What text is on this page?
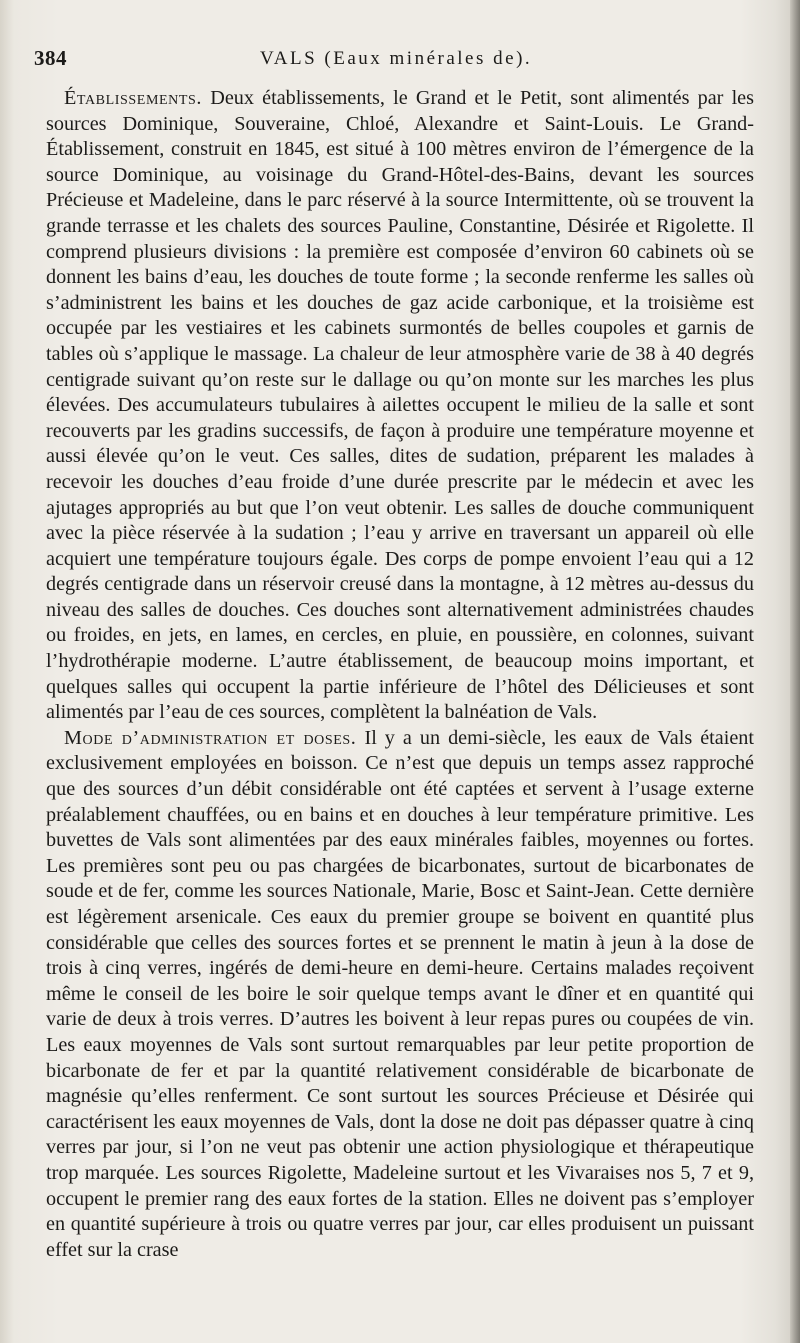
384	VALS (Eaux minérales de).

Établissements. Deux établissements, le Grand et le Petit, sont alimentés par les sources Dominique, Souveraine, Chloé, Alexandre et Saint-Louis. Le Grand-Établissement, construit en 1845, est situé à 100 mètres environ de l’émergence de la source Dominique, au voisinage du Grand-Hôtel-des-Bains, devant les sources Précieuse et Madeleine, dans le parc réservé à la source Intermittente, où se trouvent la grande terrasse et les chalets des sources Pauline, Constantine, Désirée et Rigolette. Il comprend plusieurs divisions : la première est composée d’environ 60 cabinets où se donnent les bains d’eau, les douches de toute forme ; la seconde renferme les salles où s’administrent les bains et les douches de gaz acide carbonique, et la troisième est occupée par les vestiaires et les cabinets surmontés de belles coupoles et garnis de tables où s’applique le massage. La chaleur de leur atmosphère varie de 38 à 40 degrés centigrade suivant qu’on reste sur le dallage ou qu’on monte sur les marches les plus élevées. Des accumulateurs tubulaires à ailettes occupent le milieu de la salle et sont recouverts par les gradins successifs, de façon à produire une température moyenne et aussi élevée qu’on le veut. Ces salles, dites de sudation, préparent les malades à recevoir les douches d’eau froide d’une durée prescrite par le médecin et avec les ajutages appropriés au but que l’on veut obtenir. Les salles de douche communiquent avec la pièce réservée à la sudation ; l’eau y arrive en traversant un appareil où elle acquiert une température toujours égale. Des corps de pompe envoient l’eau qui a 12 degrés centigrade dans un réservoir creusé dans la montagne, à 12 mètres au-dessus du niveau des salles de douches. Ces douches sont alternativement administrées chaudes ou froides, en jets, en lames, en cercles, en pluie, en poussière, en colonnes, suivant l’hydrothérapie moderne. L’autre établissement, de beaucoup moins important, et quelques salles qui occupent la partie inférieure de l’hôtel des Délicieuses et sont alimentés par l’eau de ces sources, complètent la balnéation de Vals.

Mode d’administration et doses. Il y a un demi-siècle, les eaux de Vals étaient exclusivement employées en boisson. Ce n’est que depuis un temps assez rapproché que des sources d’un débit considérable ont été captées et servent à l’usage externe préalablement chauffées, ou en bains et en douches à leur température primitive. Les buvettes de Vals sont alimentées par des eaux minérales faibles, moyennes ou fortes. Les premières sont peu ou pas chargées de bicarbonates, surtout de bicarbonates de soude et de fer, comme les sources Nationale, Marie, Bosc et Saint-Jean. Cette dernière est légèrement arsenicale. Ces eaux du premier groupe se boivent en quantité plus considérable que celles des sources fortes et se prennent le matin à jeun à la dose de trois à cinq verres, ingérés de demi-heure en demi-heure. Certains malades reçoivent même le conseil de les boire le soir quelque temps avant le dîner et en quantité qui varie de deux à trois verres. D’autres les boivent à leur repas pures ou coupées de vin. Les eaux moyennes de Vals sont surtout remarquables par leur petite proportion de bicarbonate de fer et par la quantité relativement considérable de bicarbonate de magnésie qu’elles renferment. Ce sont surtout les sources Précieuse et Désirée qui caractérisent les eaux moyennes de Vals, dont la dose ne doit pas dépasser quatre à cinq verres par jour, si l’on ne veut pas obtenir une action physiologique et thérapeutique trop marquée. Les sources Rigolette, Madeleine surtout et les Vivaraises nos 5, 7 et 9, occupent le premier rang des eaux fortes de la station. Elles ne doivent pas s’employer en quantité supérieure à trois ou quatre verres par jour, car elles produisent un puissant effet sur la crase
